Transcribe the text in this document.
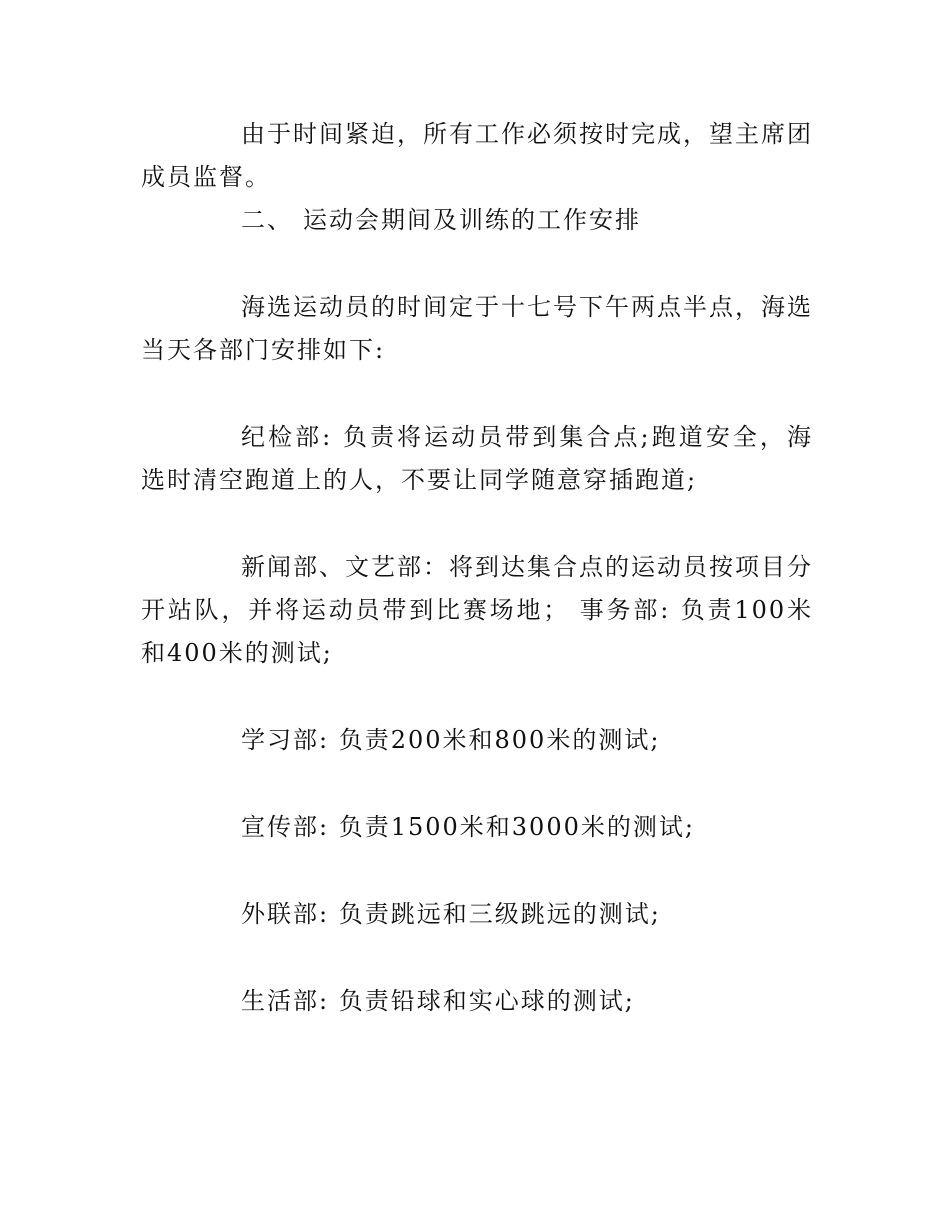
由于时间紧迫，所有工作必须按时完成，望主席团成员监督。

二、 运动会期间及训练的工作安排

海选运动员的时间定于十七号下午两点半点，海选当天各部门安排如下:

纪检部: 负责将运动员带到集合点;跑道安全，海选时清空跑道上的人，不要让同学随意穿插跑道;

新闻部、文艺部：将到达集合点的运动员按项目分开站队，并将运动员带到比赛场地； 事务部: 负责100米和400米的测试;

学习部: 负责200米和800米的测试;

宣传部: 负责1500米和3000米的测试;

外联部: 负责跳远和三级跳远的测试;

生活部: 负责铅球和实心球的测试;
